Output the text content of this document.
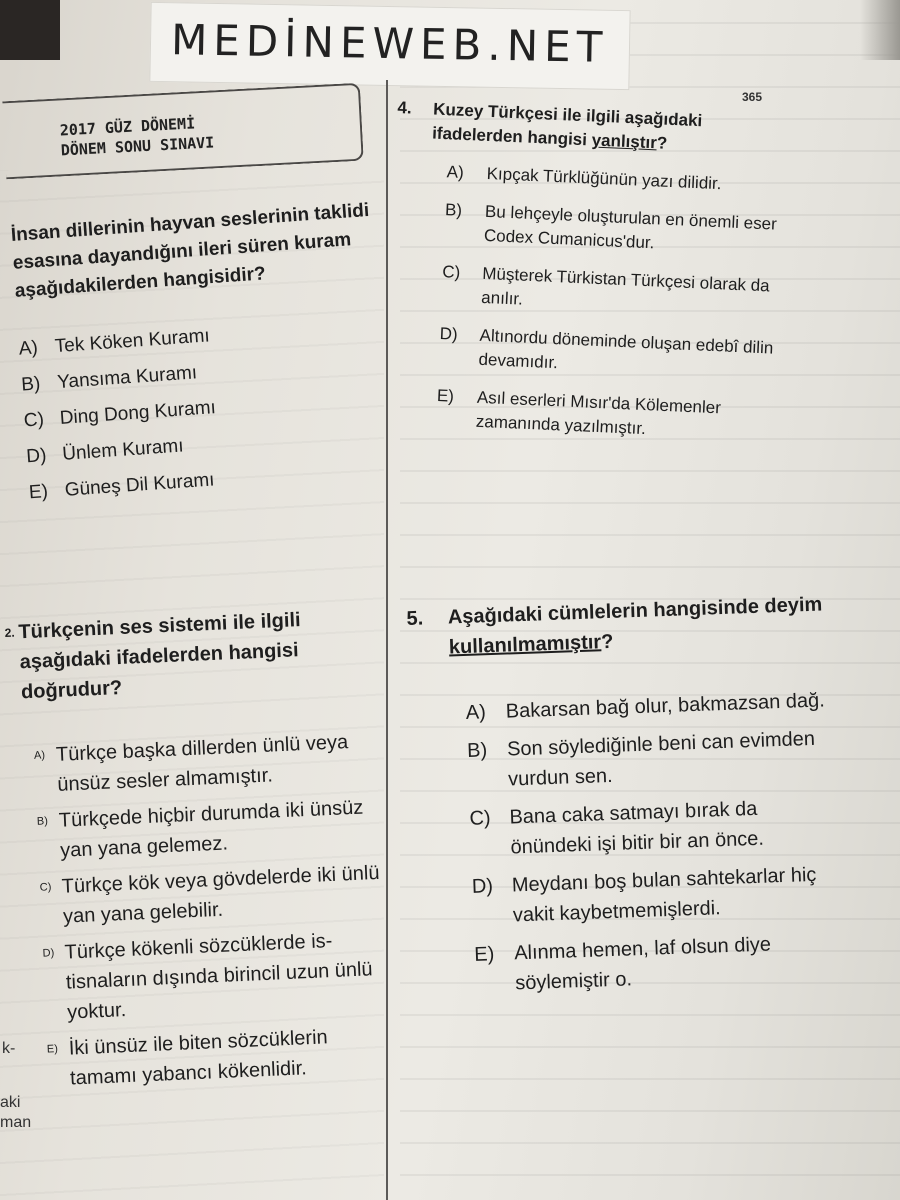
MEDİNEWEB.NET
365
2017 GÜZ DÖNEMİ
DÖNEM SONU SINAVI
İnsan dillerinin hayvan seslerinin taklidi esasına dayandığını ileri süren kuram aşağıdakilerden hangisidir?
A) Tek Köken Kuramı
B) Yansıma Kuramı
C) Ding Dong Kuramı
D) Ünlem Kuramı
E) Güneş Dil Kuramı
2. Türkçenin ses sistemi ile ilgili aşağıdaki ifadelerden hangisi doğrudur?
A) Türkçe başka dillerden ünlü veya ünsüz sesler almamıştır.
B) Türkçede hiçbir durumda iki ünsüz yan yana gelemez.
C) Türkçe kök veya gövdelerde iki ünlü yan yana gelebilir.
D) Türkçe kökenli sözcüklerde istisnaların dışında birincil uzun ünlü yoktur.
E) İki ünsüz ile biten sözcüklerin tamamı yabancı kökenlidir.
4.	Kuzey Türkçesi ile ilgili aşağıdaki ifadelerden hangisi yanlıştır?
A)	Kıpçak Türklüğünün yazı dilidir.
B)	Bu lehçeyle oluşturulan en önemli eser Codex Cumanicus'dur.
C)	Müşterek Türkistan Türkçesi olarak da anılır.
D)	Altınordu döneminde oluşan edebî dilin devamıdır.
E)	Asıl eserleri Mısır'da Kölemenler zamanında yazılmıştır.
5.	Aşağıdaki cümlelerin hangisinde deyim kullanılmamıştır?
A) Bakarsan bağ olur, bakmazsan dağ.
B) Son söylediğinle beni can evimden vurdun sen.
C) Bana caka satmayı bırak da önündeki işi bitir bir an önce.
D) Meydanı boş bulan sahtekarlar hiç vakit kaybetmemişlerdi.
E) Alınma hemen, laf olsun diye söylemiştir o.
k-
aki
man
